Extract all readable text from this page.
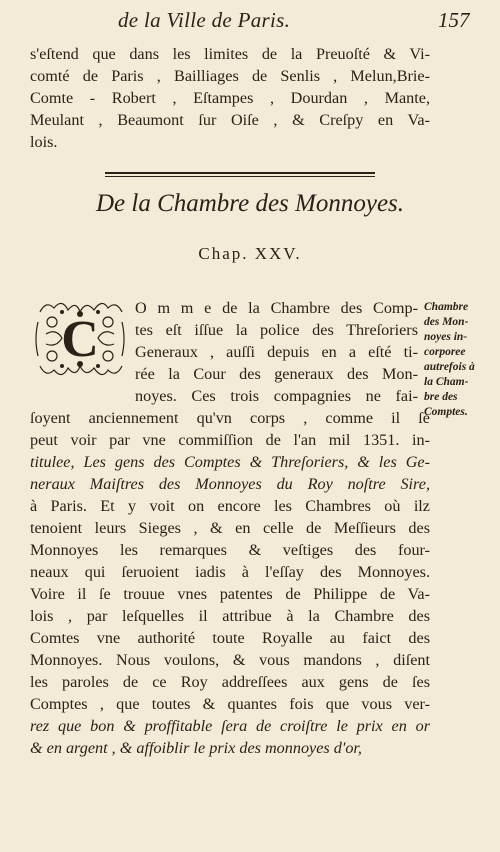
de la Ville de Paris.	157
s'eſtend que dans les limites de la Preuoſté & Vi-
comté de Paris , Bailliages de Senlis , Melun,Brie-
Comte - Robert , Eſtampes , Dourdan , Mante,
Meulant , Beaumont ſur Oiſe , & Creſpy en Va-
lois.
De la Chambre des Monnoyes.
Chap. XXV.
C
O m m e de la Chambre des Comp-
tes eſt iſſue la police des Threſoriers
Generaux , auſſi depuis en a eſté ti-
rée la Cour des generaux des Mon-
noyes. Ces trois compagnies ne fai-
ſoyent anciennement qu'vn corps , comme il ſe
peut voir par vne commiſſion de l'an mil 1351. in-
titulee, Les gens des Comptes & Threſoriers, & les Ge-
neraux Maiſtres des Monnoyes du Roy noſtre Sire,
à Paris. Et y voit on encore les Chambres où ilz
tenoient leurs Sieges , & en celle de Meſſieurs des
Monnoyes les remarques & veſtiges des four-
neaux qui ſeruoient iadis à l'eſſay des Monnoyes.
Voire il ſe trouue vnes patentes de Philippe de Va-
lois , par leſquelles il attribue à la Chambre des
Comtes vne authorité toute Royalle au faict des
Monnoyes. Nous voulons, & vous mandons , diſent
les paroles de ce Roy addreſſees aux gens de ſes
Comptes , que toutes & quantes fois que vous ver-
rez que bon & proffitable ſera de croiſtre le prix en or
& en argent , & affoiblir le prix des monnoyes d'or,
Chambre
des Mon-
noyes in-
corporee
autrefois à
la Cham-
bre des
Comptes.
